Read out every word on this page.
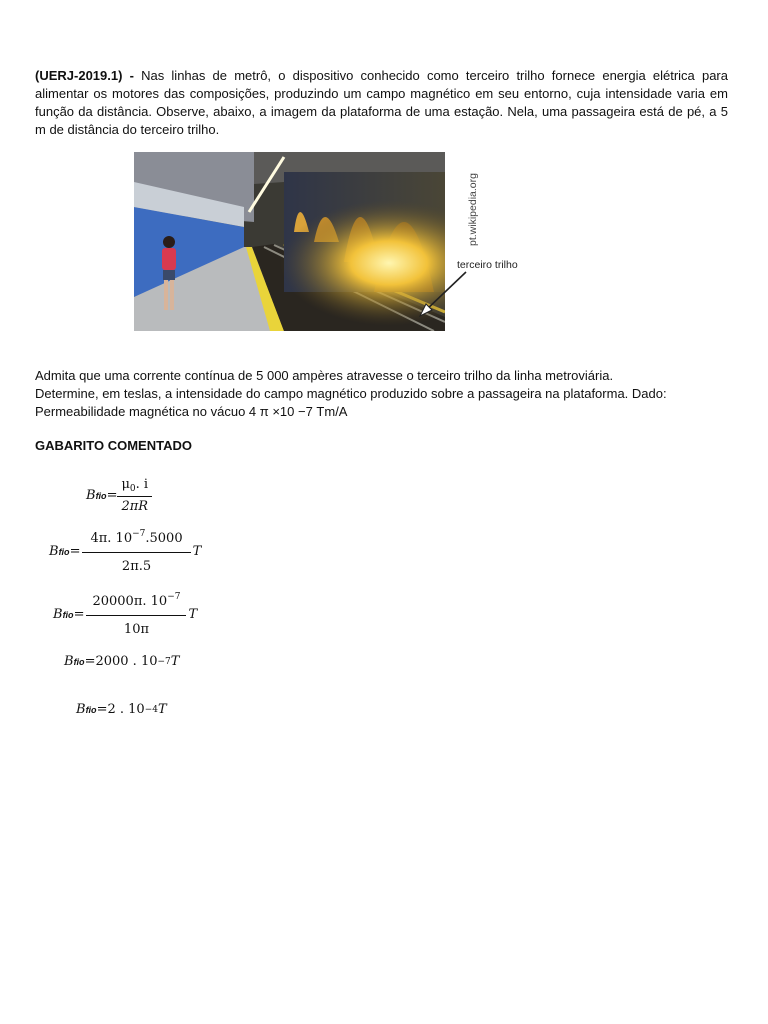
(UERJ-2019.1) - Nas linhas de metrô, o dispositivo conhecido como terceiro trilho fornece energia elétrica para alimentar os motores das composições, produzindo um campo magnético em seu entorno, cuja intensidade varia em função da distância. Observe, abaixo, a imagem da plataforma de uma estação. Nela, uma passageira está de pé, a 5 m de distância do terceiro trilho.

pt.wikipedia.org
terceiro trilho
Admita que uma corrente contínua de 5 000 ampères atravesse o terceiro trilho da linha metroviária.
Determine, em teslas, a intensidade do campo magnético produzido sobre a passageira na plataforma. Dado:
Permeabilidade magnética no vácuo 4 π ×10 −7 Tm/A
GABARITO COMENTADO
B fio = $\frac{\mu_0. i}{2\pi R}$
B fio = $\frac{4\pi. 10^{-7}.5000}{2\pi.5}$ T
B fio = $\frac{20000\pi. 10^{-7}}{10\pi}$ T
B fio = 2000 . 10 −7 T
B fio = 2 . 10 −4 T
